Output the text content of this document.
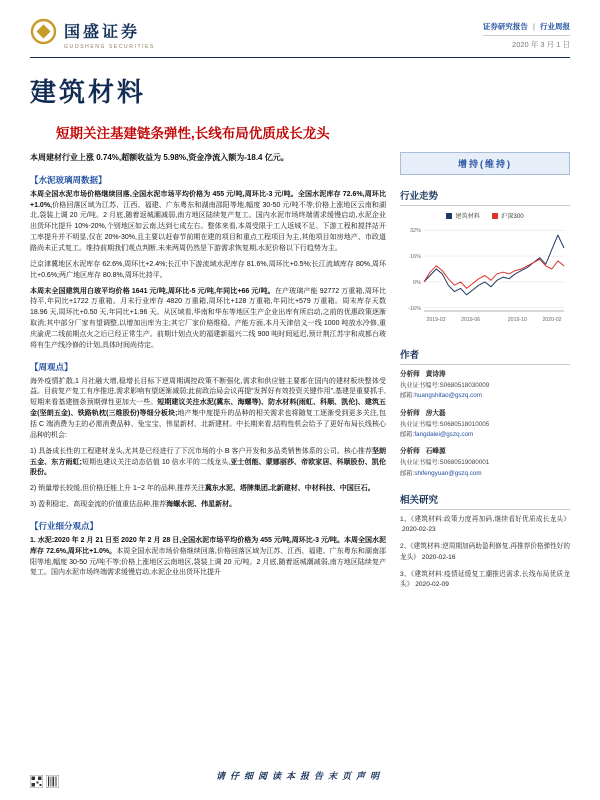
国盛证券
GUOSHENG SECURITIES
证券研究报告 | 行业周报
2020 年 3 月 1 日
建筑材料
短期关注基建链条弹性,长线布局优质成长龙头

本周建材行业上涨 0.74%,超额收益为 5.98%,资金净流入额为-18.4 亿元。

【水泥玻璃周数据】

本周全国水泥市场价格继续回落,全国水泥市场平均价格为 455 元/吨,周环比-3 元/吨。全国水泥库存 72.6%,周环比+1.0%,价格回落区域为江苏、江西、福建、广东粤东和湖南邵阳等地,幅度 30-50 元/吨不等;价格上涨地区云南和湖北,袋装上调 20 元/吨。2 月底,随着返城潮减弱,南方地区陆续复产复工。国内水泥市场终端需求缓慢启动,水泥企业出货环比提升 10%-20%,个别地区如云南,达到七成左右。整体来看,本周受限于工人返城不足、下游工程和搅拌站开工率提升并不明显,仅在 20%-30%,且主要以赶春节前期在建的项目和重点工程项目为主,其他项目如房地产、市政道路尚未正式复工。维持前期我们观点判断,未来两周仍然是下游需求恢复期,水泥价格以下行趋势为主。

泛京津冀地区水泥库存 62.6%,周环比+2.4%;长江中下游流域水泥库存 81.6%,周环比+0.5%;长江流域库存 80%,周环比+0.6%;两广地区库存 80.8%,周环比持平。

本周末全国建筑用白玻平均价格 1641 元/吨,周环比-5 元/吨,年同比+66 元/吨。在产玻璃产能 92772 万重箱,周环比持平,年同比+1722 万重箱。月末行业库存 4820 万重箱,周环比+128 万重箱,年同比+579 万重箱。周末库存天数 18.96 天,周环比+0.50 天,年同比+1.96 天。从区域看,华南和华东等地区生产企业出库有所启动,之前的优惠政策逐渐取消;其中部分厂家有望调整,以增加出库为主;其它厂家价格维稳。产能方面,本月天津信义一线 1000 吨放水冷修,重庆渝虎二线前期点火之后已经正常生产。前期计划点火的福建新福兴二线 900 吨时间延迟,预计荆江苏宇和成都台玻将有生产线冷修的计划,具体时间尚待定。

【周观点】

海外疫情扩散,1 月社融大增,稳增长目标下逆周期调控政策不断强化,需求和供应链主要都在国内的建材板块整体受益。目前复产复工有序推进,需求影响有望逐渐减弱;此前政治局会议再提“发挥好有效投资关键作用”,基建是重要抓手,短期来看基建链条预期弹性更加大一些。短期建议关注水泥(冀东、海螺等)、防水材料(雨虹、科顺、凯伦)、建筑五金(坚朗五金)、铁路轨枕(三维股份)等细分板块;地产集中度提升的品种的相关需求也将随复工逐渐受到更多关注,包括 C 端消费为主的必需消费品种、兔宝宝、伟星新材、北新建材。中长期来看,结构性机会给予了更好布局长线核心品种的机会:

1) 具备成长性的工程建材龙头,尤其是已经进行了下沉市场的小 B 客户开发和多品类销售体系的公司。核心推荐坚朗五金、东方雨虹;短期也建议关注动态估值 10 倍水平的二线龙头,亚士创能、蒙娜丽莎、帝欧家居、科顺股份、凯伦股份。

2) 销量增长较缓,但价格还能上升 1~2 年的品种,推荐关注冀东水泥、塔牌集团,北新建材、中材科技、中国巨石。

3) 盈利稳定、高现金流的价值重估品种,推荐海螺水泥、伟星新材。

【行业细分观点】

1. 水泥:2020 年 2 月 21 日至 2020 年 2 月 28 日,全国水泥市场平均价格为 455 元/吨,周环比-3 元/吨。本周全国水泥库存 72.6%,周环比+1.0%。本周全国水泥市场价格继续回落,价格回落区域为江苏、江西、福建、广东粤东和湖南邵阳等地,幅度 30-50 元/吨不等;价格上涨地区云南地区,袋装上调 20 元/吨。2 月底,随着返城潮减弱,南方地区陆续复产复工。国内水泥市场终端需求缓慢启动,水泥企业出货环比提升

增持(维持)
行业走势
建筑材料	沪深300
32%
16%
0%
-16%
2019-03	2019-06	2019-10	2020-02
作者
分析师 黄诗涛
执业证书编号:S0680518030009
邮箱:huangshitao@gszq.com
分析师 房大磊
执业证书编号:S0680518010005
邮箱:fangdalei@gszq.com
分析师 石峰源
执业证书编号:S0680519080001
邮箱:shifengyuan@gszq.com
相关研究

1、《建筑材料:政策力度再加码,继续看好优质成长龙头》2020-02-23

2、《建筑材料:逆周期加码助盈利修复,再推荐价格弹性好的龙头》 2020-02-16

3、《建筑材料:疫情延缓复工潮推迟需求,长线布局优质龙头》 2020-02-09

请仔细阅读本报告末页声明
